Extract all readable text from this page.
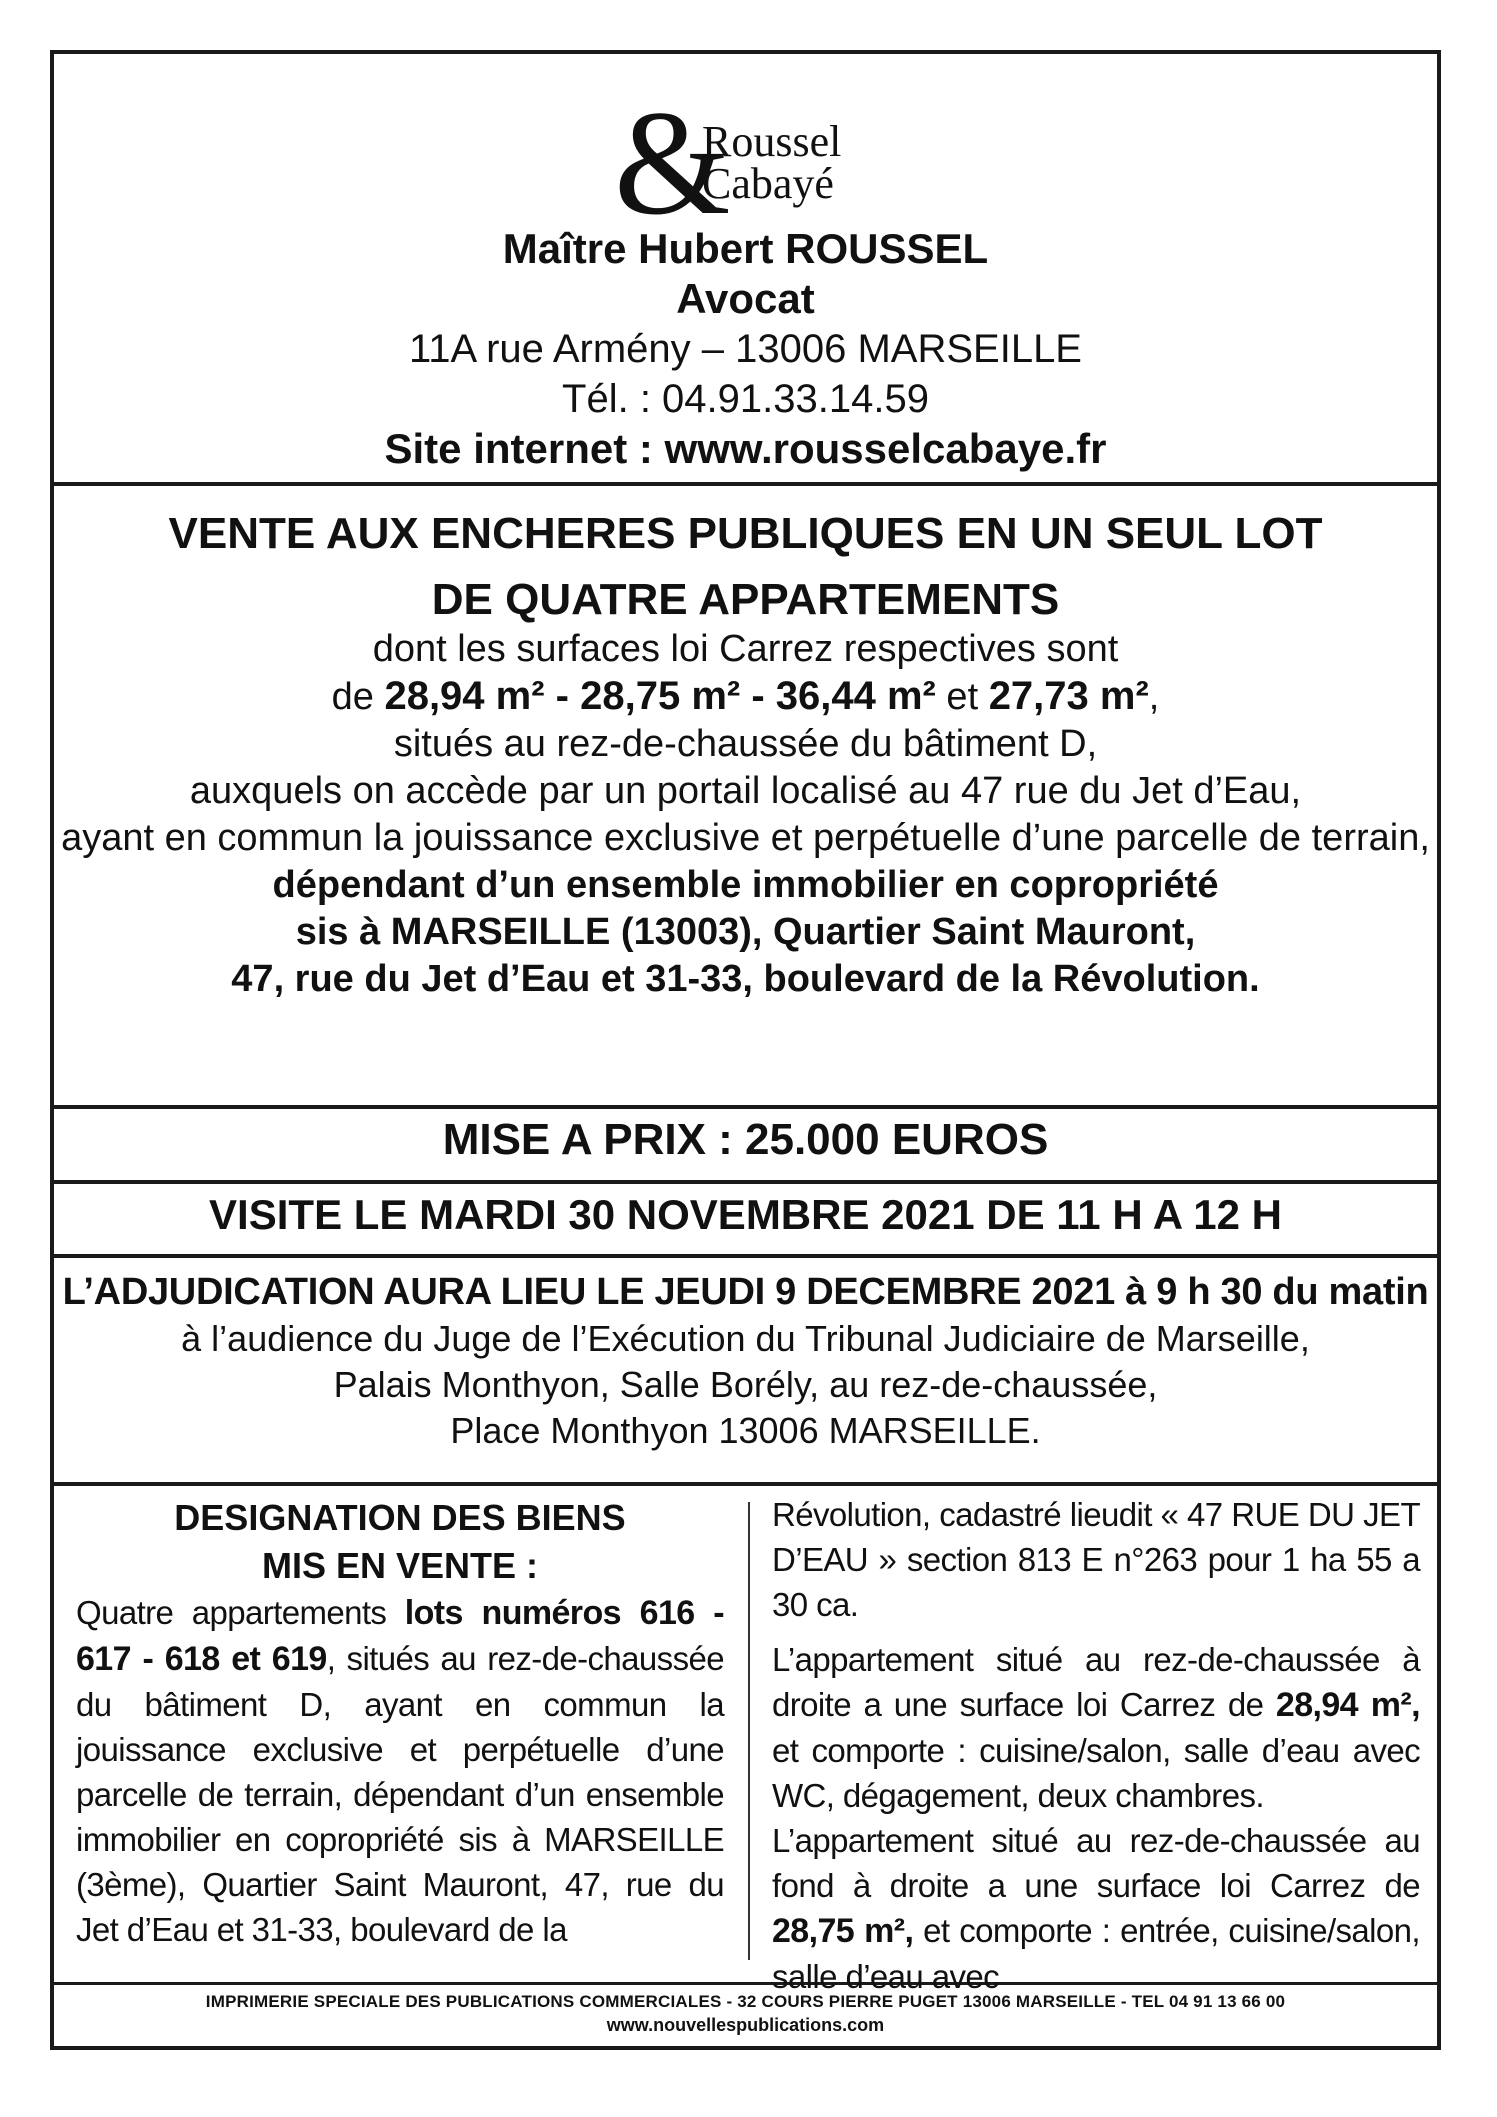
&
Roussel
Cabayé
Maître Hubert ROUSSEL
Avocat
11A rue Armény – 13006 MARSEILLE
Tél. : 04.91.33.14.59
Site internet : www.rousselcabaye.fr
VENTE AUX ENCHERES PUBLIQUES EN UN SEUL LOT
DE QUATRE APPARTEMENTS
dont les surfaces loi Carrez respectives sont
de 28,94 m² - 28,75 m² - 36,44 m² et 27,73 m²,
situés au rez-de-chaussée du bâtiment D,
auxquels on accède par un portail localisé au 47 rue du Jet d’Eau,
ayant en commun la jouissance exclusive et perpétuelle d’une parcelle de terrain,
dépendant d’un ensemble immobilier en copropriété
sis à MARSEILLE (13003), Quartier Saint Mauront,
47, rue du Jet d’Eau et 31-33, boulevard de la Révolution.
MISE A PRIX : 25.000 EUROS
VISITE LE MARDI 30 NOVEMBRE 2021 DE 11 H A 12 H
L’ADJUDICATION AURA LIEU LE JEUDI 9 DECEMBRE 2021 à 9 h 30 du matin
à l’audience du Juge de l’Exécution du Tribunal Judiciaire de Marseille,
Palais Monthyon, Salle Borély, au rez-de-chaussée,
Place Monthyon 13006 MARSEILLE.
DESIGNATION DES BIENS
MIS EN VENTE :
Quatre appartements lots numéros 616 - 617 - 618 et 619, situés au rez-de-chaussée du bâtiment D, ayant en commun la jouissance exclusive et perpétuelle d’une parcelle de terrain, dépendant d’un ensemble immobilier en copropriété sis à MARSEILLE (3ème), Quartier Saint Mauront, 47, rue du Jet d’Eau et 31-33, boulevard de la
Révolution, cadastré lieudit « 47 RUE DU JET D’EAU » section 813 E n°263 pour 1 ha 55 a 30 ca.
L’appartement situé au rez-de-chaussée à droite a une surface loi Carrez de 28,94 m², et comporte : cuisine/salon, salle d’eau avec WC, dégagement, deux chambres.
L’appartement situé au rez-de-chaussée au fond à droite a une surface loi Carrez de 28,75 m², et comporte : entrée, cuisine/salon, salle d’eau avec
IMPRIMERIE SPECIALE DES PUBLICATIONS COMMERCIALES - 32 COURS PIERRE PUGET 13006 MARSEILLE - TEL 04 91 13 66 00
www.nouvellespublications.com
